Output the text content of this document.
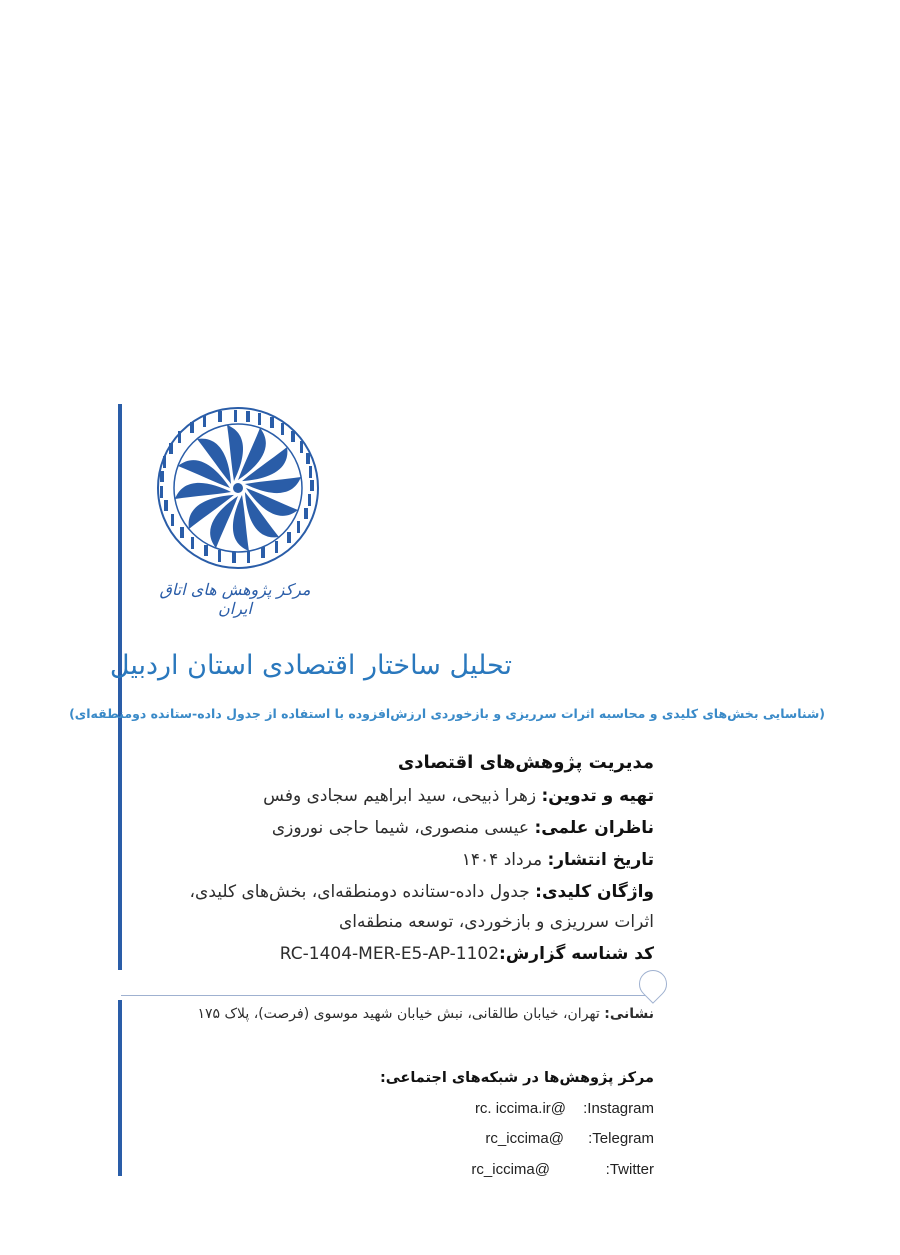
مرکز پژوهش های اتاق ایران
تحلیل ساختار اقتصادی استان اردبیل
(شناسایی بخش‌های کلیدی و محاسبه اثرات سرریزی و بازخوردی ارزش‌افزوده با استفاده از جدول داده-ستانده دومنطقه‌ای)
مدیریت پژوهش‌های اقتصادی
تهیه و تدوین: زهرا ذبیحی، سید ابراهیم سجادی وفس
ناظران علمی: عیسی منصوری، شیما حاجی نوروزی
تاریخ انتشار: مرداد ۱۴۰۴
واژگان کلیدی: جدول داده-ستانده دومنطقه‌ای، بخش‌های کلیدی،
اثرات سرریزی و بازخوردی، توسعه منطقه‌ای
کد شناسه گزارش:RC-1404-MER-E5-AP-1102
نشانی: تهران، خیابان طالقانی، نبش خیابان شهید موسوی (فرصت)، پلاک ۱۷۵
مرکز پژوهش‌ها در شبکه‌های اجتماعی:
:Instagram
rc. iccima.ir@
:Telegram
rc_iccima@
:Twitter
rc_iccima@
